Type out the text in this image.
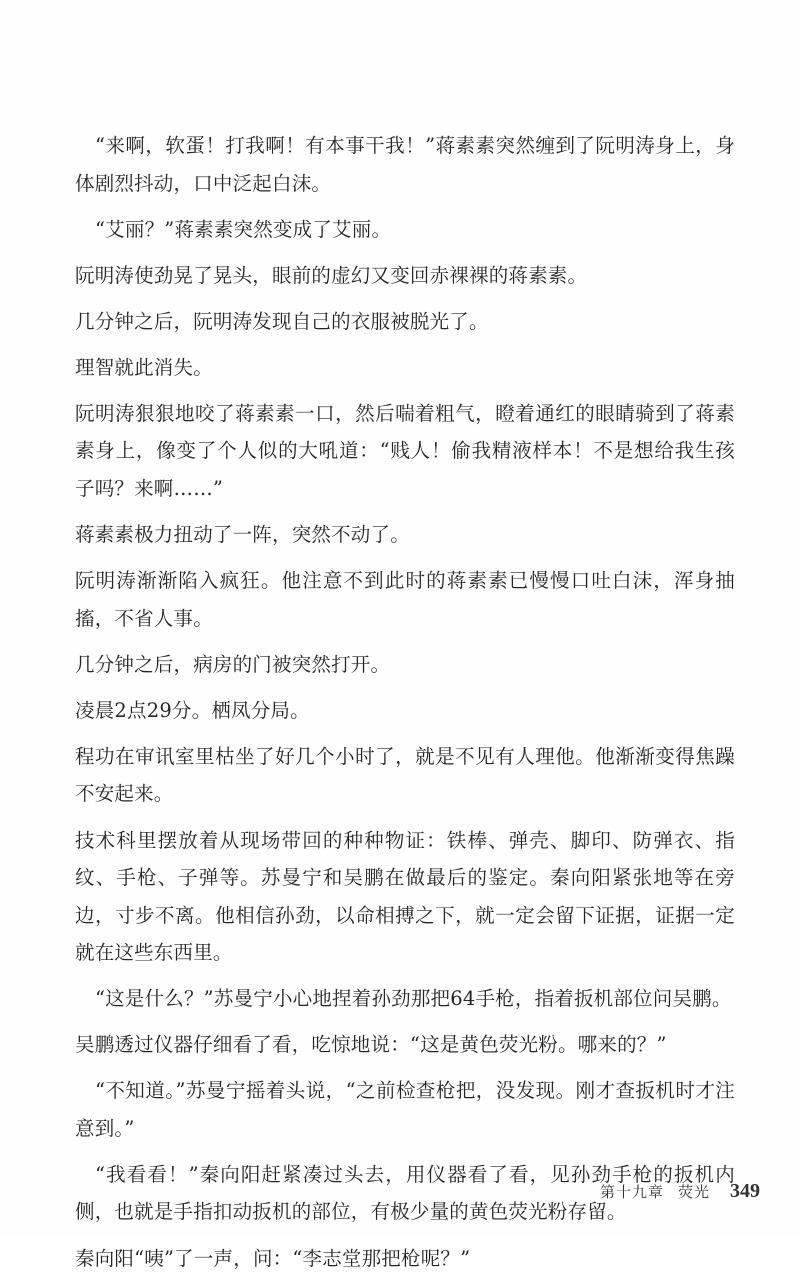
“来啊，软蛋！打我啊！有本事干我！”蒋素素突然缠到了阮明涛身上，身体剧烈抖动，口中泛起白沫。

“艾丽？”蒋素素突然变成了艾丽。

阮明涛使劲晃了晃头，眼前的虚幻又变回赤裸裸的蒋素素。

几分钟之后，阮明涛发现自己的衣服被脱光了。

理智就此消失。

阮明涛狠狠地咬了蒋素素一口，然后喘着粗气，瞪着通红的眼睛骑到了蒋素素身上，像变了个人似的大吼道：“贱人！偷我精液样本！不是想给我生孩子吗？来啊……”

蒋素素极力扭动了一阵，突然不动了。

阮明涛渐渐陷入疯狂。他注意不到此时的蒋素素已慢慢口吐白沫，浑身抽搐，不省人事。

几分钟之后，病房的门被突然打开。

凌晨2点29分。栖凤分局。

程功在审讯室里枯坐了好几个小时了，就是不见有人理他。他渐渐变得焦躁不安起来。

技术科里摆放着从现场带回的种种物证：铁棒、弹壳、脚印、防弹衣、指纹、手枪、子弹等。苏曼宁和吴鹏在做最后的鉴定。秦向阳紧张地等在旁边，寸步不离。他相信孙劲，以命相搏之下，就一定会留下证据，证据一定就在这些东西里。

“这是什么？”苏曼宁小心地捏着孙劲那把64手枪，指着扳机部位问吴鹏。

吴鹏透过仪器仔细看了看，吃惊地说：“这是黄色荧光粉。哪来的？”

“不知道。”苏曼宁摇着头说，“之前检查枪把，没发现。刚才查扳机时才注意到。”

“我看看！”秦向阳赶紧凑过头去，用仪器看了看，见孙劲手枪的扳机内侧，也就是手指扣动扳机的部位，有极少量的黄色荧光粉存留。

秦向阳“咦”了一声，问：“李志堂那把枪呢？”

第十九章 荧光 349
